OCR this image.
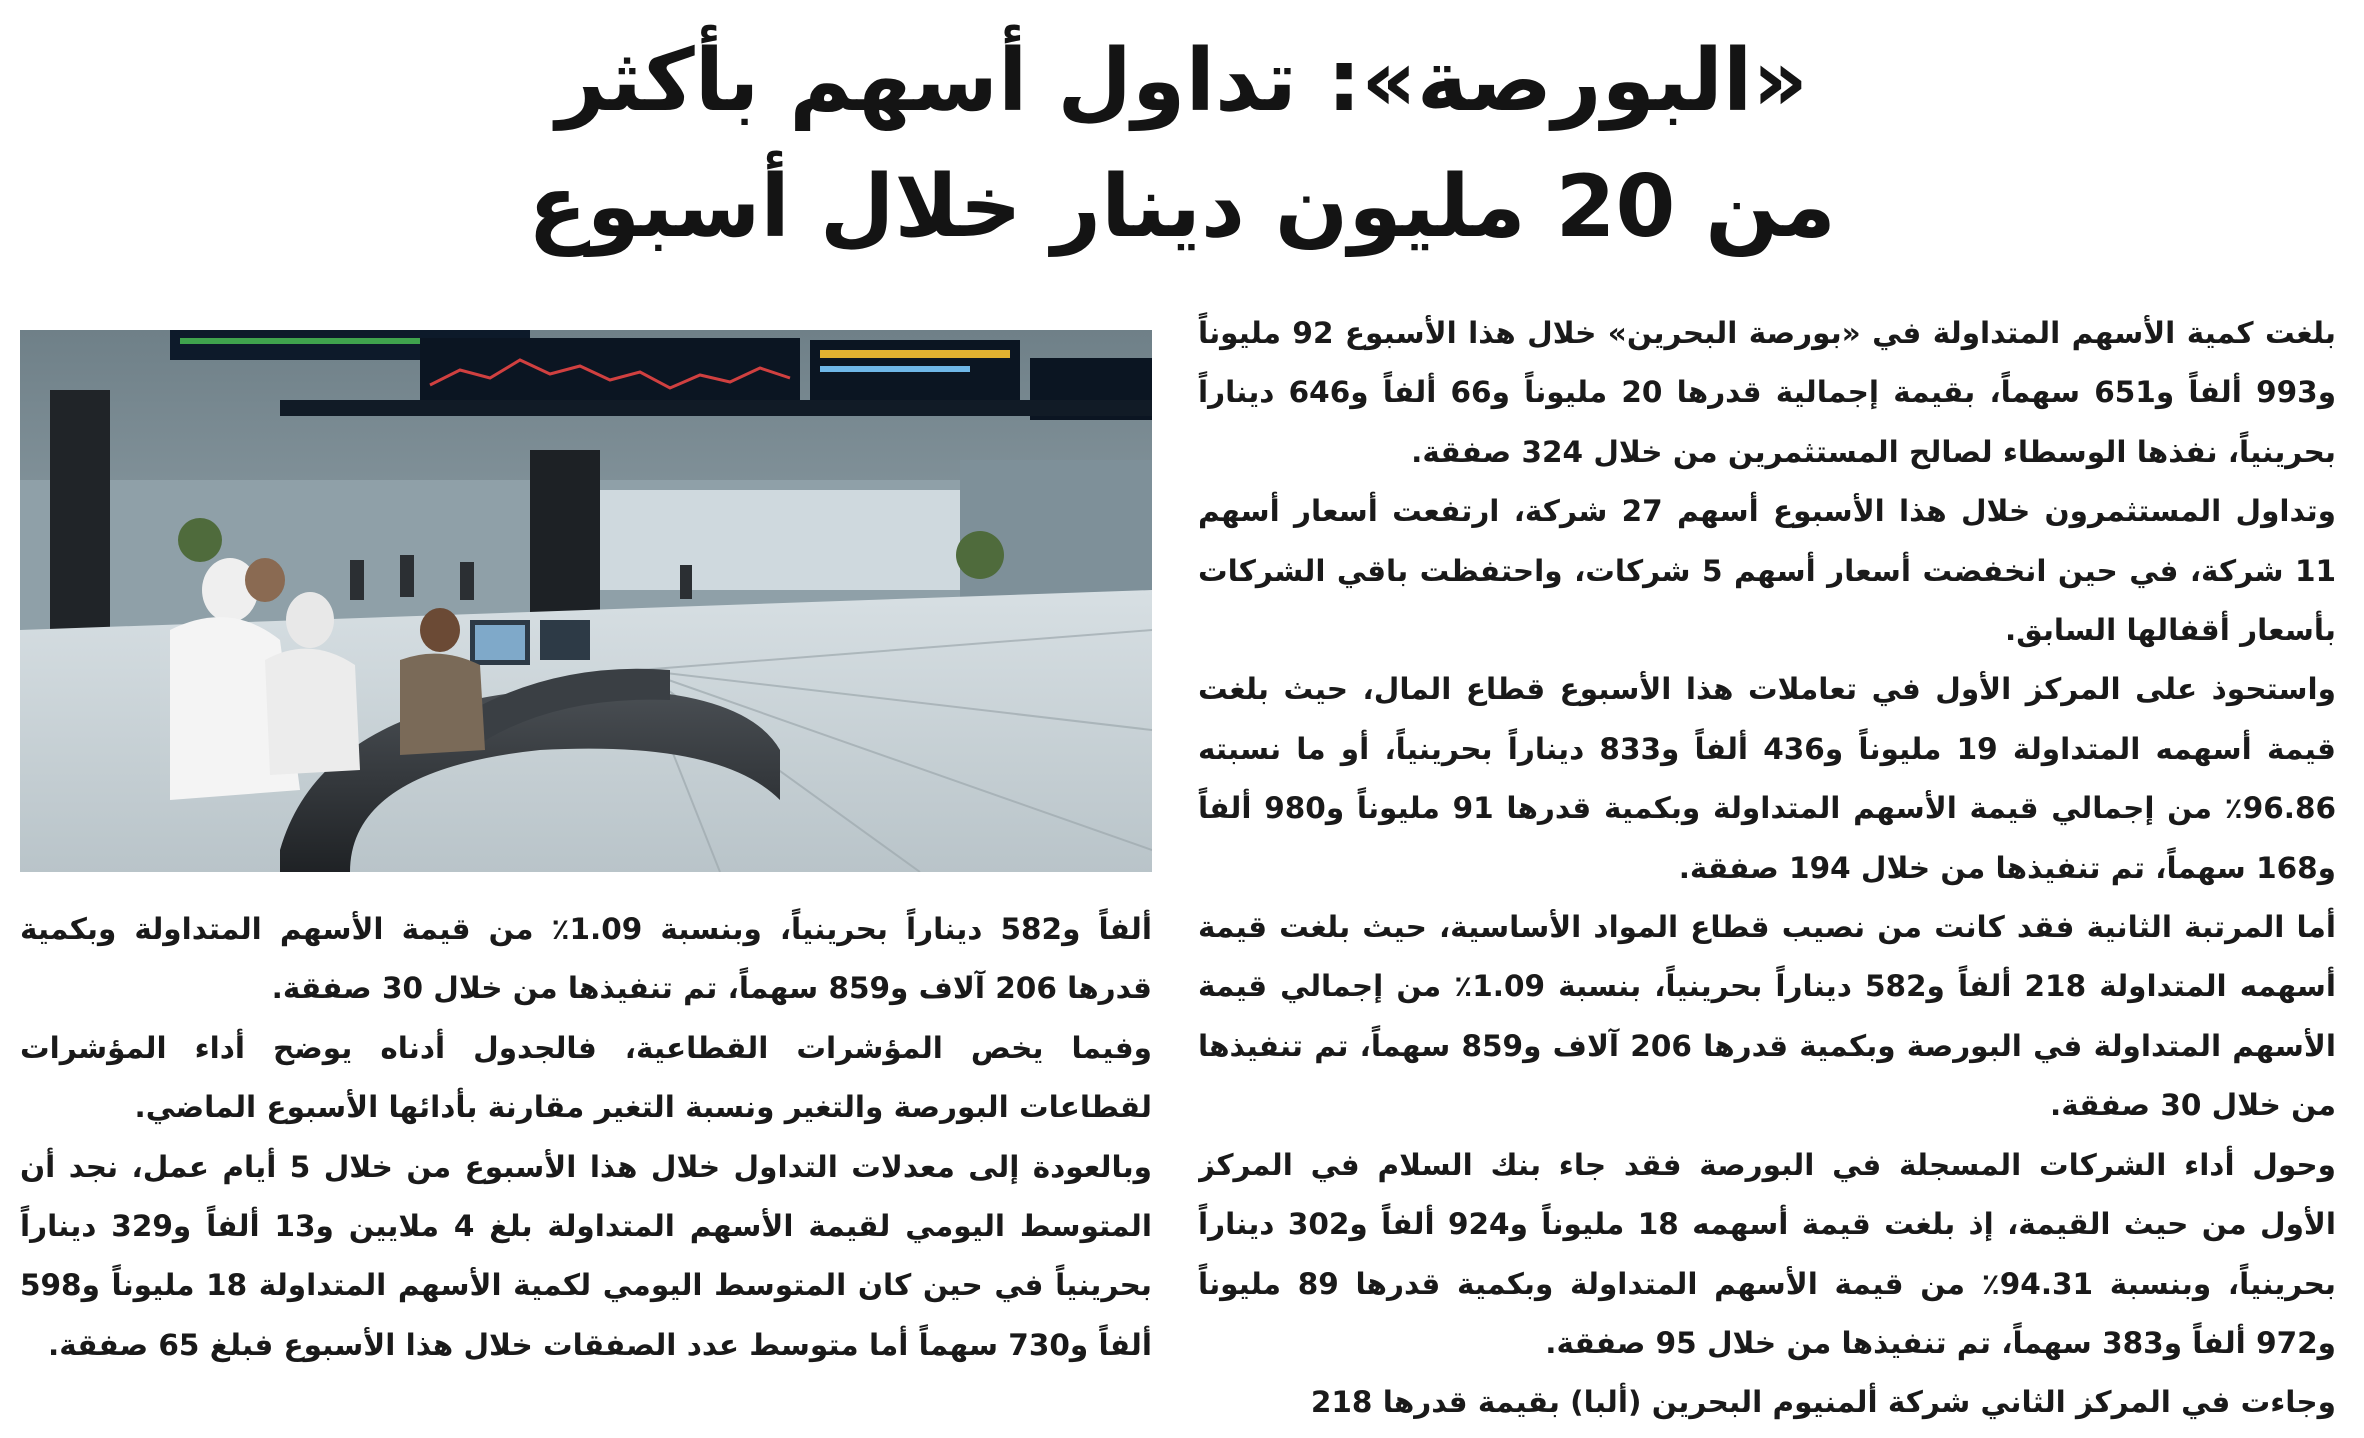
«البورصة»: تداول أسهم بأكثر
من 20 مليون دينار خلال أسبوع

بلغت كمية الأسهم المتداولة في «بورصة البحرين» خلال هذا الأسبوع 92 مليوناً و993 ألفاً و651 سهماً، بقيمة إجمالية قدرها 20 مليوناً و66 ألفاً و646 ديناراً بحرينياً، نفذها الوسطاء لصالح المستثمرين من خلال 324 صفقة.

وتداول المستثمرون خلال هذا الأسبوع أسهم 27 شركة، ارتفعت أسعار أسهم 11 شركة، في حين انخفضت أسعار أسهم 5 شركات، واحتفظت باقي الشركات بأسعار أقفالها السابق.

واستحوذ على المركز الأول في تعاملات هذا الأسبوع قطاع المال، حيث بلغت قيمة أسهمه المتداولة 19 مليوناً و436 ألفاً و833 ديناراً بحرينياً، أو ما نسبته 96.86٪ من إجمالي قيمة الأسهم المتداولة وبكمية قدرها 91 مليوناً و980 ألفاً و168 سهماً، تم تنفيذها من خلال 194 صفقة.

أما المرتبة الثانية فقد كانت من نصيب قطاع المواد الأساسية، حيث بلغت قيمة أسهمه المتداولة 218 ألفاً و582 ديناراً بحرينياً، بنسبة 1.09٪ من إجمالي قيمة الأسهم المتداولة في البورصة وبكمية قدرها 206 آلاف و859 سهماً، تم تنفيذها من خلال 30 صفقة.

وحول أداء الشركات المسجلة في البورصة فقد جاء بنك السلام في المركز الأول من حيث القيمة، إذ بلغت قيمة أسهمه 18 مليوناً و924 ألفاً و302 ديناراً بحرينياً، وبنسبة 94.31٪ من قيمة الأسهم المتداولة وبكمية قدرها 89 مليوناً و972 ألفاً و383 سهماً، تم تنفيذها من خلال 95 صفقة.

وجاءت في المركز الثاني شركة ألمنيوم البحرين (ألبا) بقيمة قدرها 218

ألفاً و582 ديناراً بحرينياً، وبنسبة 1.09٪ من قيمة الأسهم المتداولة وبكمية قدرها 206 آلاف و859 سهماً، تم تنفيذها من خلال 30 صفقة.

وفيما يخص المؤشرات القطاعية، فالجدول أدناه يوضح أداء المؤشرات لقطاعات البورصة والتغير ونسبة التغير مقارنة بأدائها الأسبوع الماضي.

وبالعودة إلى معدلات التداول خلال هذا الأسبوع من خلال 5 أيام عمل، نجد أن المتوسط اليومي لقيمة الأسهم المتداولة بلغ 4 ملايين و13 ألفاً و329 ديناراً بحرينياً في حين كان المتوسط اليومي لكمية الأسهم المتداولة 18 مليوناً و598 ألفاً و730 سهماً أما متوسط عدد الصفقات خلال هذا الأسبوع فبلغ 65 صفقة.
